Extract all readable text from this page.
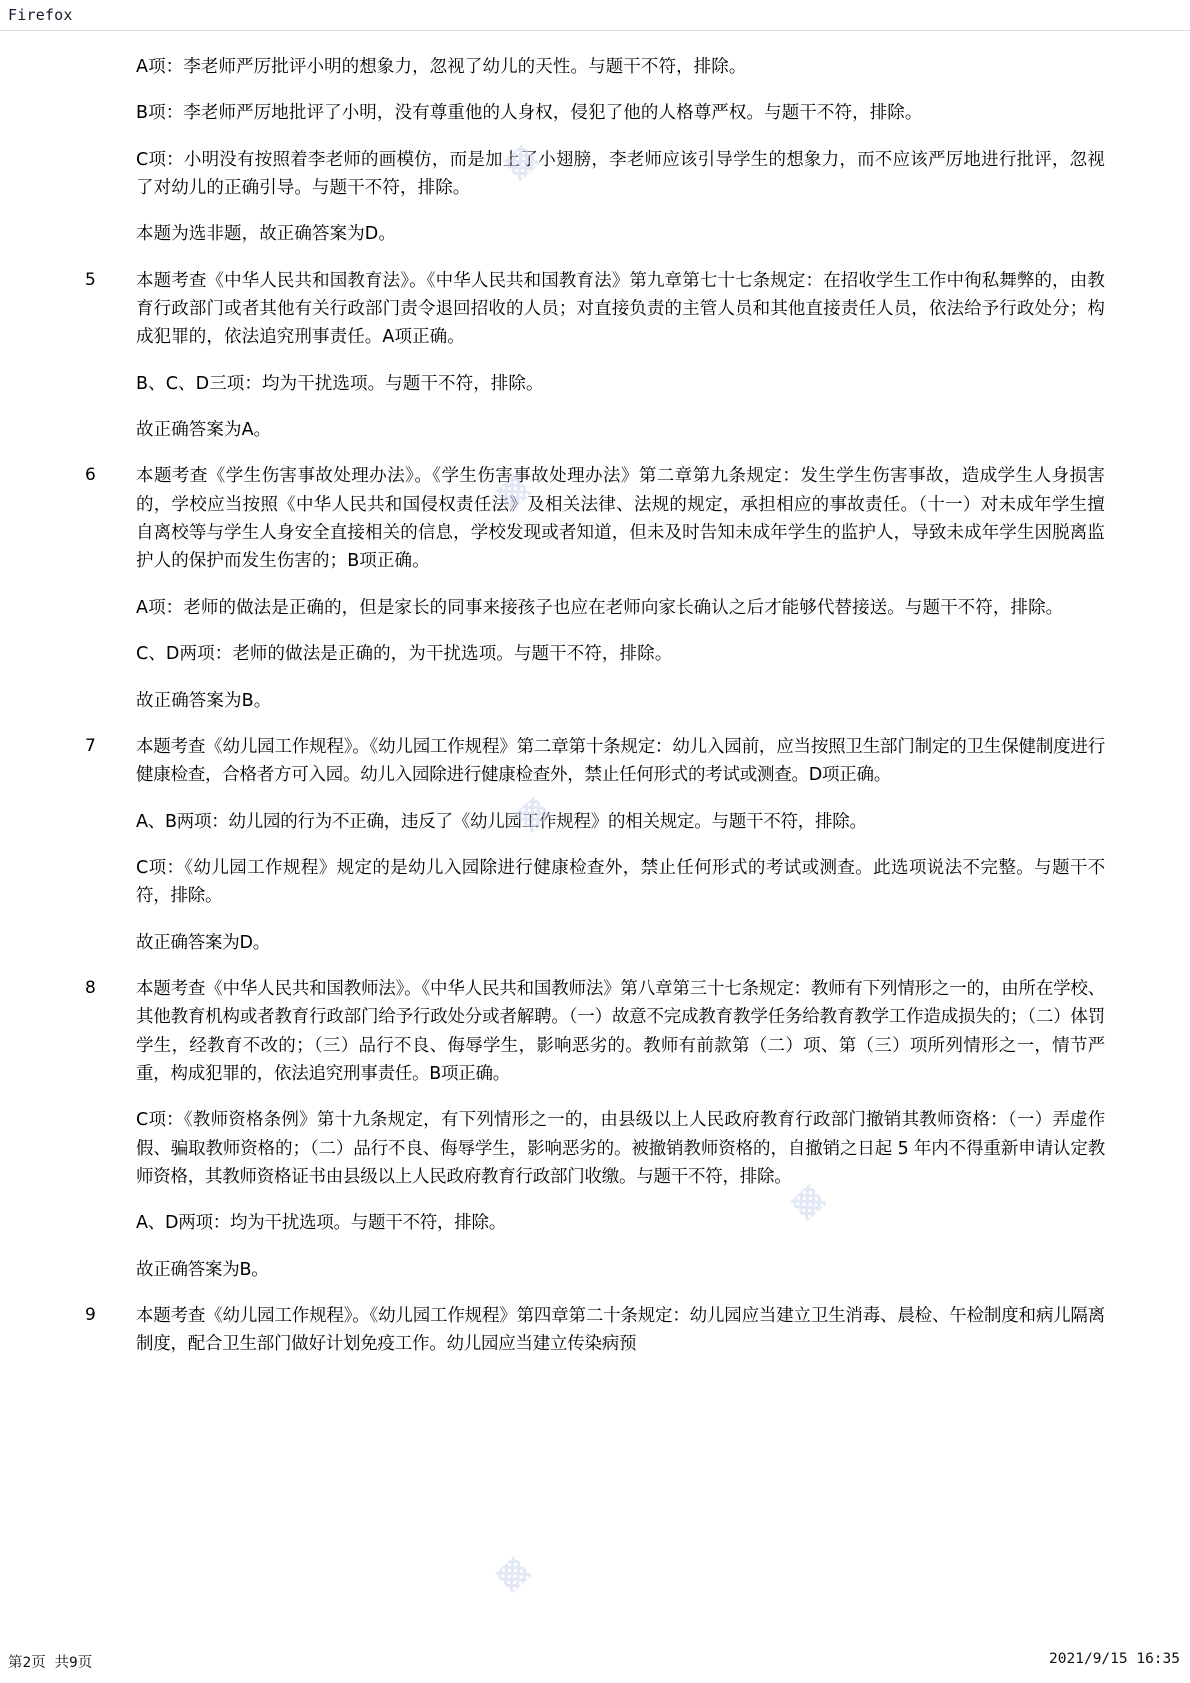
Firefox
A项：李老师严厉批评小明的想象力，忽视了幼儿的天性。与题干不符，排除。
B项：李老师严厉地批评了小明，没有尊重他的人身权，侵犯了他的人格尊严权。与题干不符，排除。
C项：小明没有按照着李老师的画模仿，而是加上了小翅膀，李老师应该引导学生的想象力，而不应该严厉地进行批评，忽视了对幼儿的正确引导。与题干不符，排除。
本题为选非题，故正确答案为D。
5	本题考查《中华人民共和国教育法》。《中华人民共和国教育法》第九章第七十七条规定：在招收学生工作中徇私舞弊的，由教育行政部门或者其他有关行政部门责令退回招收的人员；对直接负责的主管人员和其他直接责任人员，依法给予行政处分；构成犯罪的，依法追究刑事责任。A项正确。
B、C、D三项：均为干扰选项。与题干不符，排除。
故正确答案为A。
6	本题考查《学生伤害事故处理办法》。《学生伤害事故处理办法》第二章第九条规定：发生学生伤害事故，造成学生人身损害的，学校应当按照《中华人民共和国侵权责任法》及相关法律、法规的规定，承担相应的事故责任。（十一）对未成年学生擅自离校等与学生人身安全直接相关的信息，学校发现或者知道，但未及时告知未成年学生的监护人，导致未成年学生因脱离监护人的保护而发生伤害的；B项正确。
A项：老师的做法是正确的，但是家长的同事来接孩子也应在老师向家长确认之后才能够代替接送。与题干不符，排除。
C、D两项：老师的做法是正确的，为干扰选项。与题干不符，排除。
故正确答案为B。
7	本题考查《幼儿园工作规程》。《幼儿园工作规程》第二章第十条规定：幼儿入园前，应当按照卫生部门制定的卫生保健制度进行健康检查，合格者方可入园。幼儿入园除进行健康检查外，禁止任何形式的考试或测查。D项正确。
A、B两项：幼儿园的行为不正确，违反了《幼儿园工作规程》的相关规定。与题干不符，排除。
C项：《幼儿园工作规程》规定的是幼儿入园除进行健康检查外，禁止任何形式的考试或测查。此选项说法不完整。与题干不符，排除。
故正确答案为D。
8	本题考查《中华人民共和国教师法》。《中华人民共和国教师法》第八章第三十七条规定：教师有下列情形之一的，由所在学校、其他教育机构或者教育行政部门给予行政处分或者解聘。（一）故意不完成教育教学任务给教育教学工作造成损失的；（二）体罚学生，经教育不改的；（三）品行不良、侮辱学生，影响恶劣的。教师有前款第（二）项、第（三）项所列情形之一，情节严重，构成犯罪的，依法追究刑事责任。B项正确。
C项：《教师资格条例》第十九条规定，有下列情形之一的，由县级以上人民政府教育行政部门撤销其教师资格：（一）弄虚作假、骗取教师资格的；（二）品行不良、侮辱学生，影响恶劣的。被撤销教师资格的，自撤销之日起 5 年内不得重新申请认定教师资格，其教师资格证书由县级以上人民政府教育行政部门收缴。与题干不符，排除。
A、D两项：均为干扰选项。与题干不符，排除。
故正确答案为B。
9	本题考查《幼儿园工作规程》。《幼儿园工作规程》第四章第二十条规定：幼儿园应当建立卫生消毒、晨检、午检制度和病儿隔离制度，配合卫生部门做好计划免疫工作。幼儿园应当建立传染病预
第2页 共9页	2021/9/15 16:35
